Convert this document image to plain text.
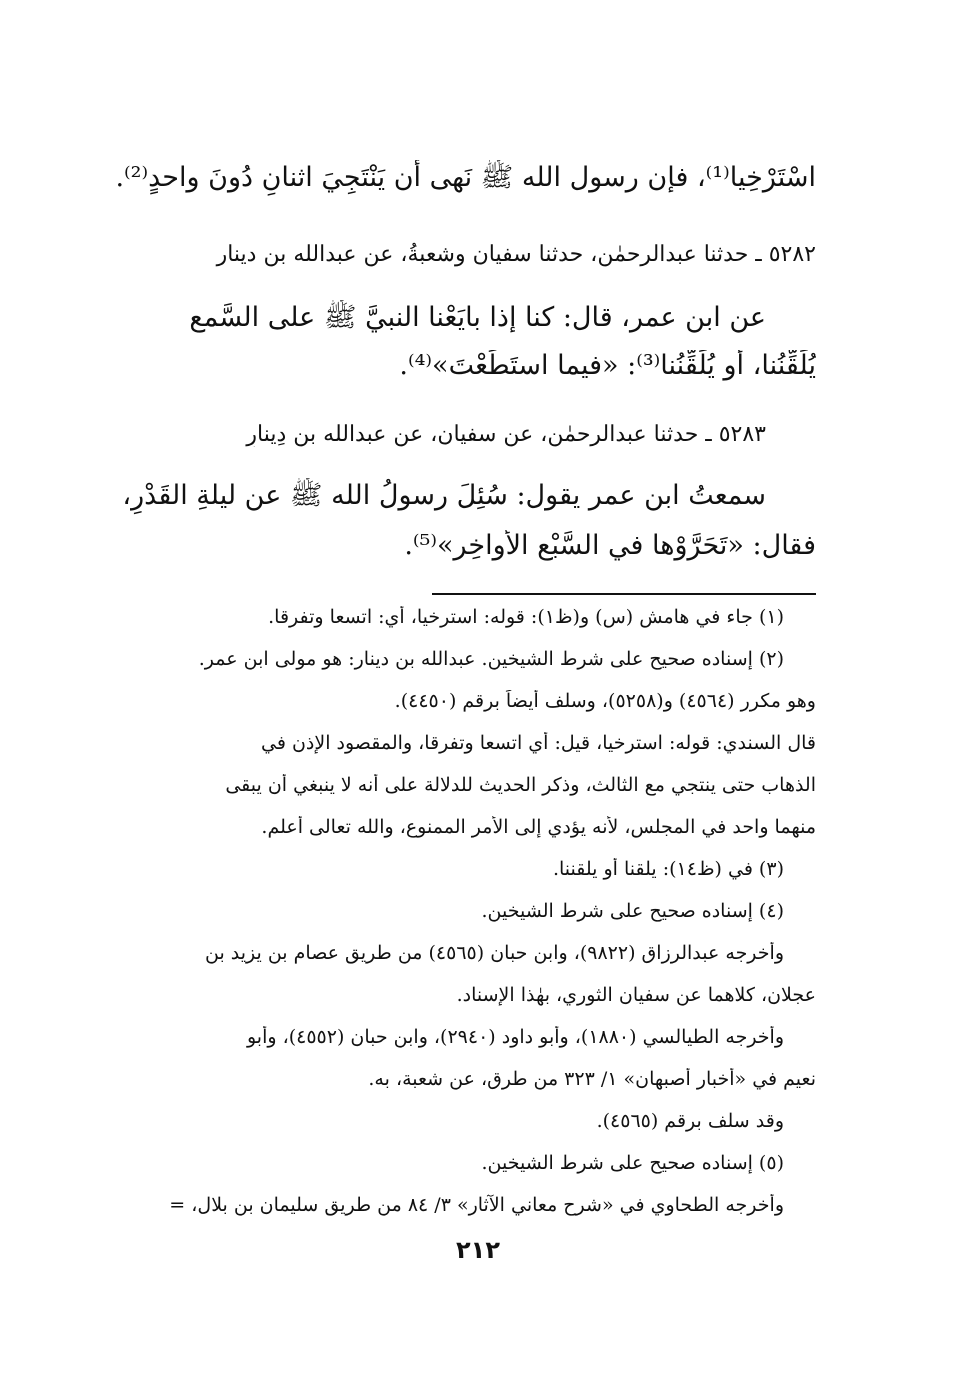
اسْتَرْخِيا⁽¹⁾، فإن رسول الله ﷺ نَهى أن يَنْتَجِيَ اثنانِ دُونَ واحدٍ⁽²⁾.
٥٢٨٢ ـ حدثنا عبدالرحمٰن، حدثنا سفيان وشعبةُ، عن عبدالله بن دينار
عن ابن عمر، قال: كنا إذا بايَعْنا النبيَّ ﷺ على السَّمع
يُلَقِّنُنا، أو يُلَقِّنُنا⁽³⁾: «فيما استَطَعْتَ»⁽⁴⁾.
٥٢٨٣ ـ حدثنا عبدالرحمٰن، عن سفيان، عن عبدالله بن دِينارٍ
سمعتُ ابن عمر يقول: سُئِلَ رسولُ الله ﷺ عن ليلةِ القَدْرِ،
فقال: «تَحَرَّوْها في السَّبْعِ الأَواخِرِ»⁽⁵⁾.
(١) جاء في هامش (س) و(ظ١): قوله: استرخيا، أي: اتسعا وتفرقا.
(٢) إسناده صحيح على شرط الشيخين. عبدالله بن دينار: هو مولى ابن عمر.
وهو مكرر (٤٥٦٤) و(٥٢٥٨)، وسلف أيضاً برقم (٤٤٥٠).
قال السندي: قوله: استرخيا، قيل: أي اتسعا وتفرقا، والمقصود الإذن في
الذهاب حتى ينتجي مع الثالث، وذكر الحديث للدلالة على أنه لا ينبغي أن يبقى
منهما واحد في المجلس، لأنه يؤدي إلى الأمر الممنوع، والله تعالى أعلم.
(٣) في (ظ١٤): يلقنا أو يلقننا.
(٤) إسناده صحيح على شرط الشيخين.
وأخرجه عبدالرزاق (٩٨٢٢)، وابن حبان (٤٥٦٥) من طريق عصام بن يزيد بن
عجلان، كلاهما عن سفيان الثوري، بهٰذا الإسناد.
وأخرجه الطيالسي (١٨٨٠)، وأبو داود (٢٩٤٠)، وابن حبان (٤٥٥٢)، وأبو
نعيم في «أخبار أصبهان» ١/ ٣٢٣ من طرق، عن شعبة، به.
وقد سلف برقم (٤٥٦٥).
(٥) إسناده صحيح على شرط الشيخين.
وأخرجه الطحاوي في «شرح معاني الآثار» ٣/ ٨٤ من طريق سليمان بن بلال، =
٢١٢
